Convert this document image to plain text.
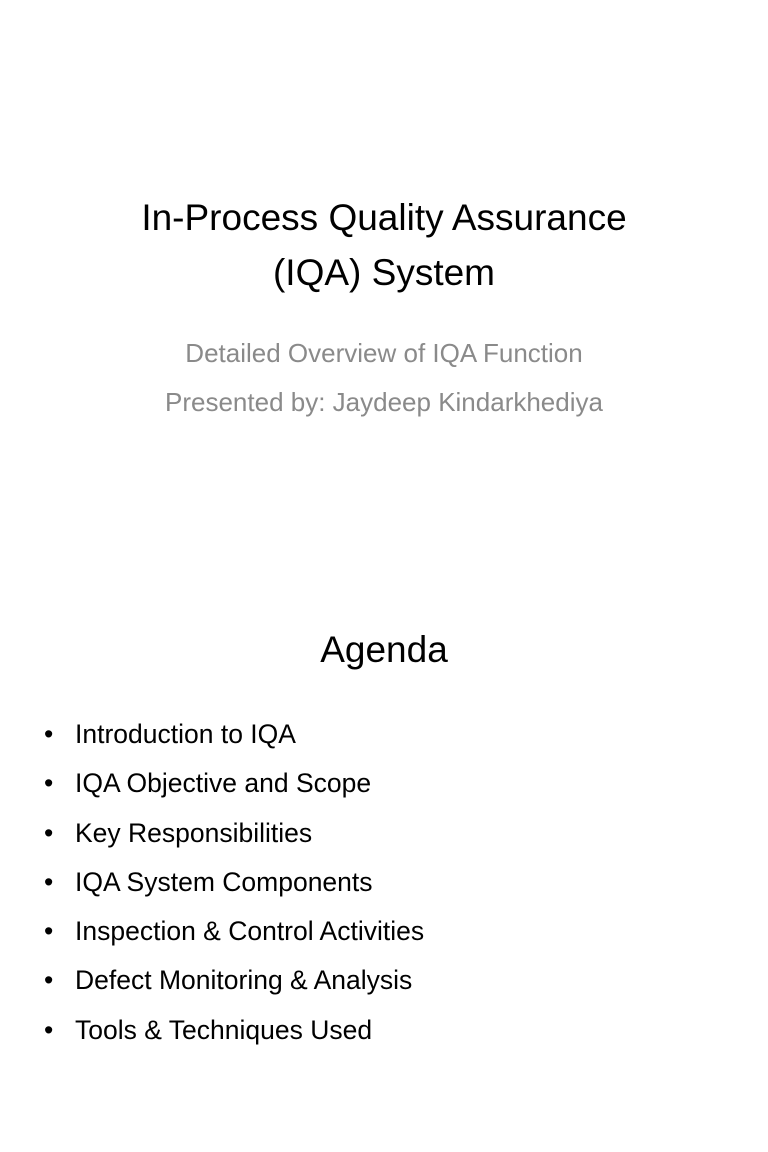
In-Process Quality Assurance
(IQA) System
Detailed Overview of IQA Function
Presented by: Jaydeep Kindarkhediya
Agenda
• Introduction to IQA
• IQA Objective and Scope
• Key Responsibilities
• IQA System Components
• Inspection & Control Activities
• Defect Monitoring & Analysis
• Tools & Techniques Used
